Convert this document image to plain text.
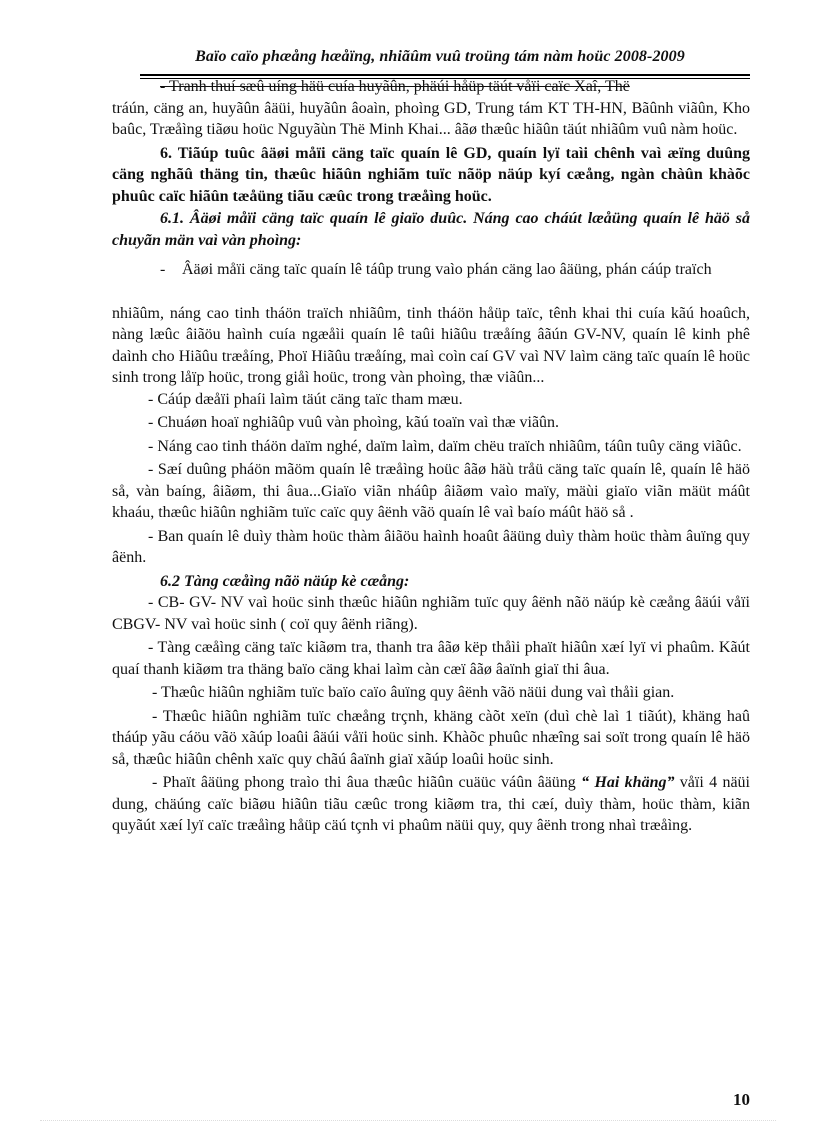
Baïo caïo phæång hæåïng, nhiãûm vuû troüng tám nàm hoüc 2008-2009

- Tranh thuí sæû uíng häü cuía huyãûn, phäúi håüp täút våïi caïc Xaî, Thë

tráún, cäng an, huyãûn âäüi, huyãûn âoaìn, phoìng GD, Trung tám KT TH-HN, Bãûnh viãûn, Kho baûc, Træåìng tiãøu hoüc Nguyãùn Thë Minh Khai... âãø thæûc hiãûn täút nhiãûm vuû nàm hoüc.

6. Tiãúp tuûc âäøi måïi cäng taïc quaín lê GD, quaín lyï taìi chênh vaì æïng duûng cäng nghãû thäng tin, thæûc hiãûn nghiãm tuïc nãöp näúp kyí cæång, ngàn chàûn khàõc phuûc caïc hiãûn tæåüng tiãu cæûc trong træåìng hoüc.

6.1. Âäøi måïi cäng taïc quaín lê giaïo duûc. Náng cao cháút læåüng quaín lê häö så chuyãn män vaì vàn phoìng:

-	Âäøi måïi cäng taïc quaín lê táûp trung vaìo phán cäng lao âäüng, phán cáúp traïch

nhiãûm, náng cao tinh tháön traïch nhiãûm, tinh tháön håüp taïc, tênh khai thi cuía kãú hoaûch, nàng læûc âiãöu haình cuía ngæåìi quaín lê taûi hiãûu træåíng âãún GV-NV, quaín lê kinh phê daình cho Hiãûu træåíng, Phoï Hiãûu træåíng, maì coìn caí GV vaì NV laìm cäng taïc quaín lê hoüc sinh trong låïp hoüc, trong giåì hoüc, trong vàn phoìng, thæ viãûn...

- Cáúp dæåïi phaíi laìm täút cäng taïc tham mæu.

- Chuáøn hoaï nghiãûp vuû vàn phoìng, kãú toaïn vaì thæ viãûn.

- Náng cao tinh tháön daïm nghé, daïm laìm, daïm chëu traïch nhiãûm, táûn tuûy cäng viãûc.

- Sæí duûng pháön mãöm quaín lê træåìng hoüc âãø häù tråü cäng taïc quaín lê, quaín lê häö så, vàn baíng, âiãøm, thi âua...Giaïo viãn nháûp âiãøm vaìo maïy, mäùi giaïo viãn mäüt máût khaáu, thæûc hiãûn nghiãm tuïc caïc quy âënh vãö quaín lê vaì baío máût häö så .

- Ban quaín lê duìy thàm hoüc thàm âiãöu haình hoaût âäüng duìy thàm hoüc thàm âuïng quy âënh.

6.2 Tàng cæåìng nãö näúp kè cæång:

- CB- GV- NV vaì hoüc sinh thæûc hiãûn nghiãm tuïc quy âënh nãö näúp kè cæång âäúi våïi CBGV- NV vaì hoüc sinh ( coï quy âënh riãng).

- Tàng cæåìng cäng taïc kiãøm tra, thanh tra âãø këp thåìi phaït hiãûn xæí lyï vi phaûm. Kãút quaí thanh kiãøm tra thäng baïo cäng khai laìm càn cæï âãø âaïnh giaï thi âua.

- Thæûc hiãûn nghiãm tuïc baïo caïo âuïng quy âënh vãö näüi dung vaì thåìi gian.

- Thæûc hiãûn nghiãm tuïc chæång trçnh, khäng càõt xeïn (duì chè laì 1 tiãút), khäng haû tháúp yãu cáöu vãö xãúp loaûi âäúi våïi hoüc sinh. Khàõc phuûc nhæîng sai soït trong quaín lê häö så, thæûc hiãûn chênh xaïc quy chãú âaïnh giaï xãúp loaûi hoüc sinh.

- Phaït âäüng phong traìo thi âua thæûc hiãûn cuäüc váûn âäüng “ Hai khäng” våïi 4 näüi dung, chäúng caïc biãøu hiãûn tiãu cæûc trong kiãøm tra, thi cæí, duìy thàm, hoüc thàm, kiãn quyãút xæí lyï caïc træåìng håüp cäú tçnh vi phaûm näüi quy, quy âënh trong nhaì træåìng.

10
